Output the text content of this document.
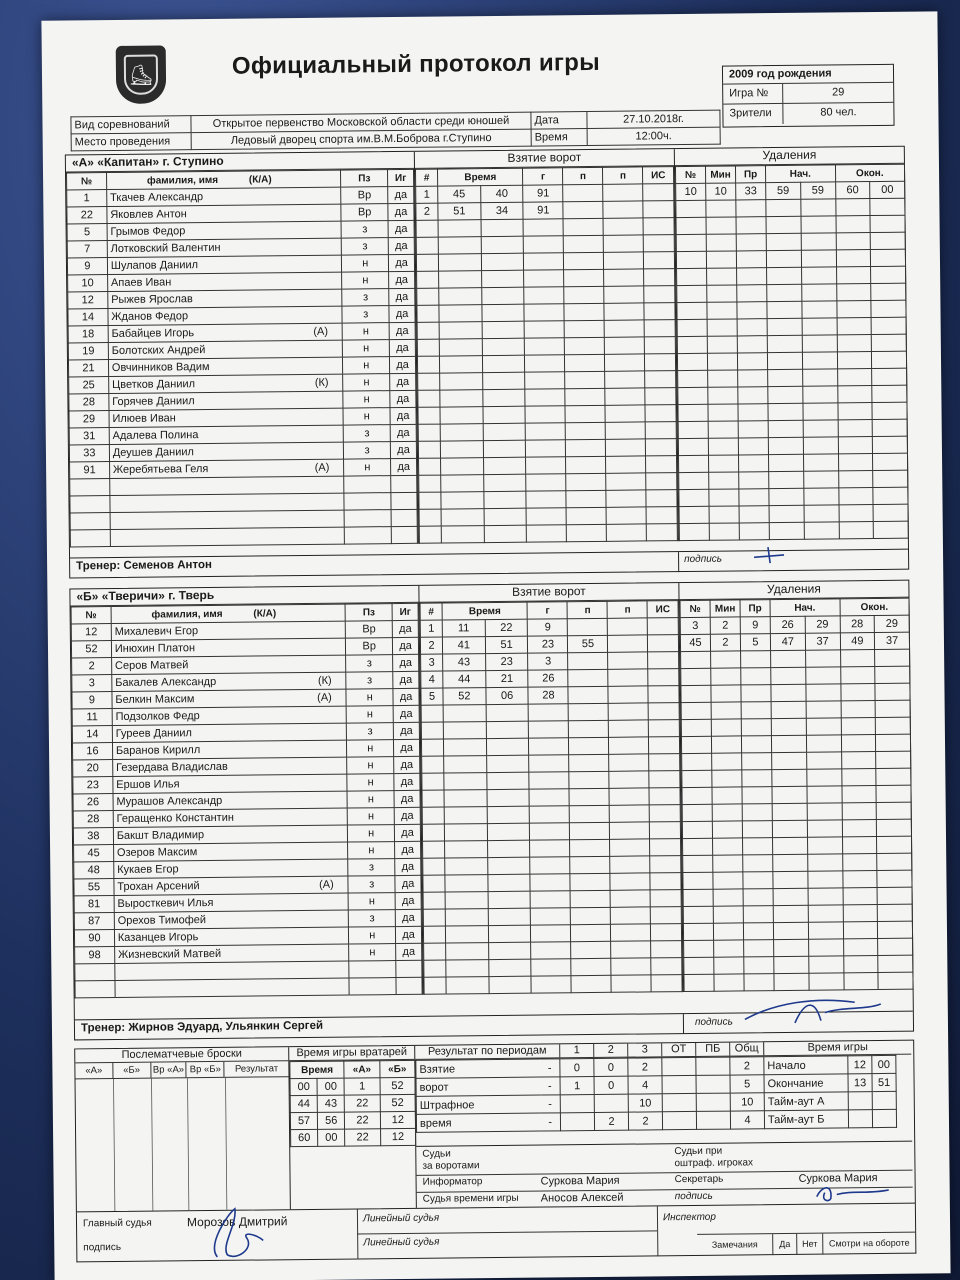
⛸	Официальный протокол игры	2009 год рождения
Игра №	29
Зрители	80 чел.
Вид соревнований	Открытое первенство Московской области среди юношей	Дата	27.10.2018г.
Место проведения	Ледовый дворец спорта им.В.М.Боброва г.Ступино	Время	12:00ч.
«А» «Капитан» г. Ступино
№	фамилия, имя (К/А)	Пз	Иг
1	Ткачев Александр	Вр	да
22	Яковлев Антон	Вр	да
5	Грымов Федор	з	да
7	Лотковский Валентин	з	да
9	Шулапов Даниил	н	да
10	Апаев Иван	н	да
12	Рыжев Ярослав	з	да
14	Жданов Федор	з	да
18	Бабайцев Игорь (А)	н	да
19	Болотских Андрей	н	да
21	Овчинников Вадим	н	да
25	Цветков Даниил (К)	н	да
28	Горячев Даниил	н	да
29	Илюев Иван	н	да
31	Адалева Полина	з	да
33	Деушев Даниил	з	да
91	Жеребятьева Геля (А)	н	да

Взятие ворот
#	Время		г	п	п	ИС
1	45	40	91			
2	51	34	91			

Удаления
№	Мин	Пр	Нач.		Окон.	
10	10	33	59	59	60	00

Тренер: Семенов Антон	подпись
«Б» «Тверичи» г. Тверь
№	фамилия, имя (К/А)	Пз	Иг
12	Михалевич Егор	Вр	да
52	Инюхин Платон	Вр	да
2	Серов Матвей	з	да
3	Бакалев Александр (К)	з	да
9	Белкин Максим (А)	н	да
11	Подзолков Федр	н	да
14	Гуреев Даниил	з	да
16	Баранов Кирилл	н	да
20	Гезердава Владислав	н	да
23	Ершов Илья	н	да
26	Мурашов Александр	н	да
28	Геращенко Константин	н	да
38	Бакшт Владимир	н	да
45	Озеров Максим	н	да
48	Кукаев Егор	з	да
55	Трохан Арсений (А)	з	да
81	Выросткевич Илья	н	да
87	Орехов Тимофей	з	да
90	Казанцев Игорь	н	да
98	Жизневский Матвей	н	да

Взятие ворот
#	Время		г	п	п	ИС
1	11	22	9			
2	41	51	23	55		
3	43	23	3			
4	44	21	26			
5	52	06	28			

Удаления
№	Мин	Пр	Нач.		Окон.	
3	2	9	26	29	28	29
45	2	5	47	37	49	37

Тренер: Жирнов Эдуард, Ульянкин Сергей	подпись
Послематчевые броски
«А»	«Б»	Вр «А» Вр «Б»	Результат
Время игры вратарей
Время		«А»	«Б»
00	00	1	52
44	43	22	52
57	56	22	12
60	00	22	12
Результат по периодам	1	2	3	ОТ	ПБ	Общ	Время игры
Взятие	-	0	0	2			2	Начало	12	00
ворот	-	1	0	4			5	Окончание	13	51
Штрафное	-			10			10	Тайм-аут А		
время	-		2	2			4	Тайм-аут Б		
Судьи
за воротами
Судьи при
оштраф. игроках
Информатор	Суркова Мария	Секретарь	Суркова Мария
Судья времени игры Аносов Алексей	подпись
Главный судья	Морозов Дмитрий
подпись
Линейный судья
Линейный судья
Инспектор
Замечания	Да	Нет	Смотри на обороте
